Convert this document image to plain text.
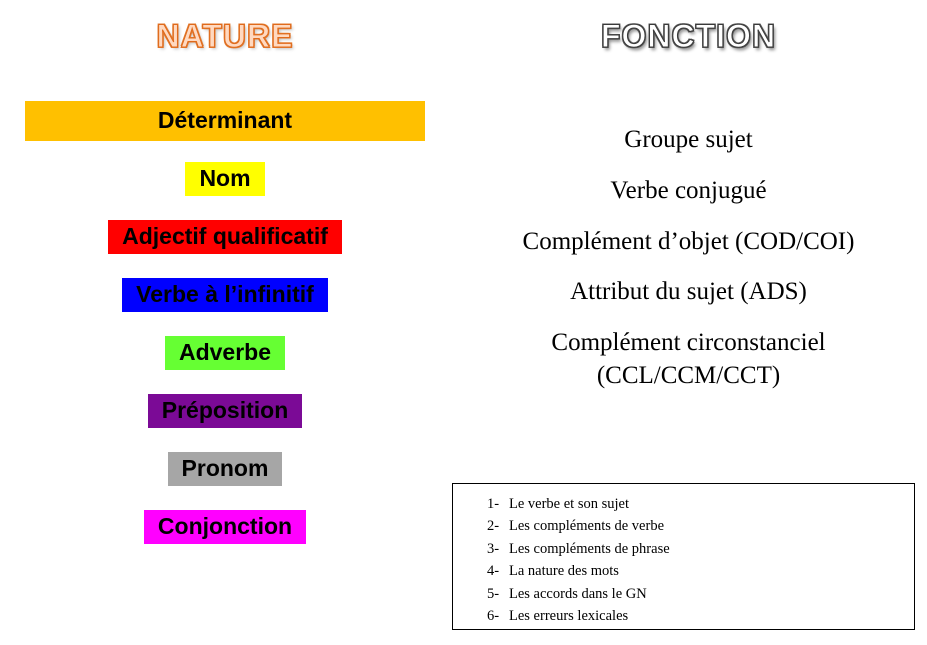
NATURE	FONCTION
Déterminant
Nom
Adjectif qualificatif
Verbe à l’infinitif
Adverbe
Préposition
Pronom
Conjonction
Groupe sujet
Verbe conjugué
Complément d’objet (COD/COI)
Attribut du sujet (ADS)
Complément circonstanciel
(CCL/CCM/CCT)
1- Le verbe et son sujet
2- Les compléments de verbe
3- Les compléments de phrase
4- La nature des mots
5- Les accords dans le GN
6- Les erreurs lexicales
